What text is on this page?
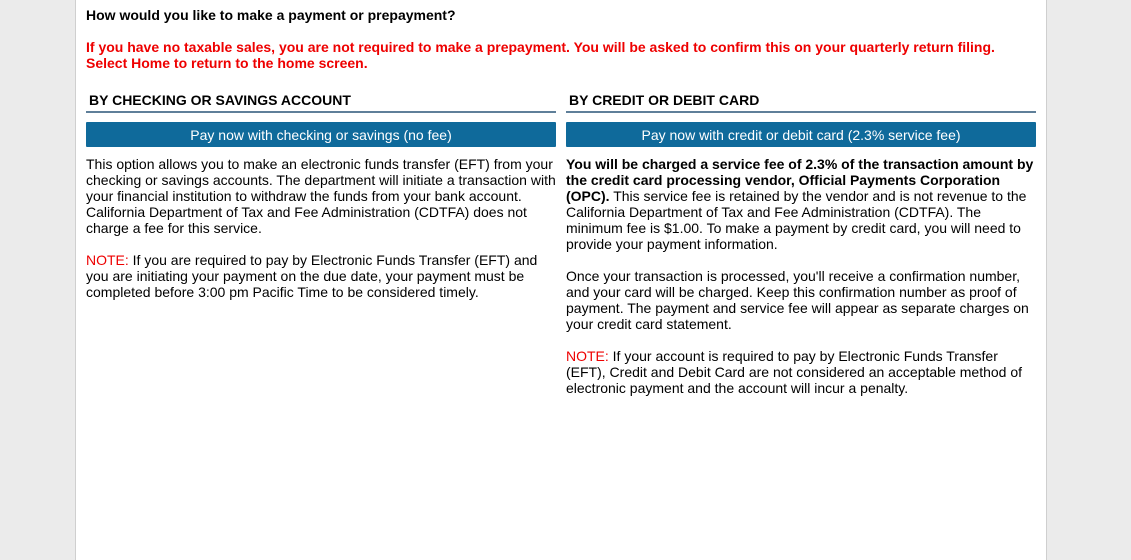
How would you like to make a payment or prepayment?
If you have no taxable sales, you are not required to make a prepayment. You will be asked to confirm this on your quarterly return filing.
Select Home to return to the home screen.
BY CHECKING OR SAVINGS ACCOUNT
Pay now with checking or savings (no fee)

This option allows you to make an electronic funds transfer (EFT) from your checking or savings accounts. The department will initiate a transaction with your financial institution to withdraw the funds from your bank account. California Department of Tax and Fee Administration (CDTFA) does not charge a fee for this service.

NOTE: If you are required to pay by Electronic Funds Transfer (EFT) and you are initiating your payment on the due date, your payment must be completed before 3:00 pm Pacific Time to be considered timely.

BY CREDIT OR DEBIT CARD
Pay now with credit or debit card (2.3% service fee)

You will be charged a service fee of 2.3% of the transaction amount by the credit card processing vendor, Official Payments Corporation (OPC). This service fee is retained by the vendor and is not revenue to the California Department of Tax and Fee Administration (CDTFA). The minimum fee is $1.00. To make a payment by credit card, you will need to provide your payment information.

Once your transaction is processed, you'll receive a confirmation number, and your card will be charged. Keep this confirmation number as proof of payment. The payment and service fee will appear as separate charges on your credit card statement.

NOTE: If your account is required to pay by Electronic Funds Transfer (EFT), Credit and Debit Card are not considered an acceptable method of electronic payment and the account will incur a penalty.
